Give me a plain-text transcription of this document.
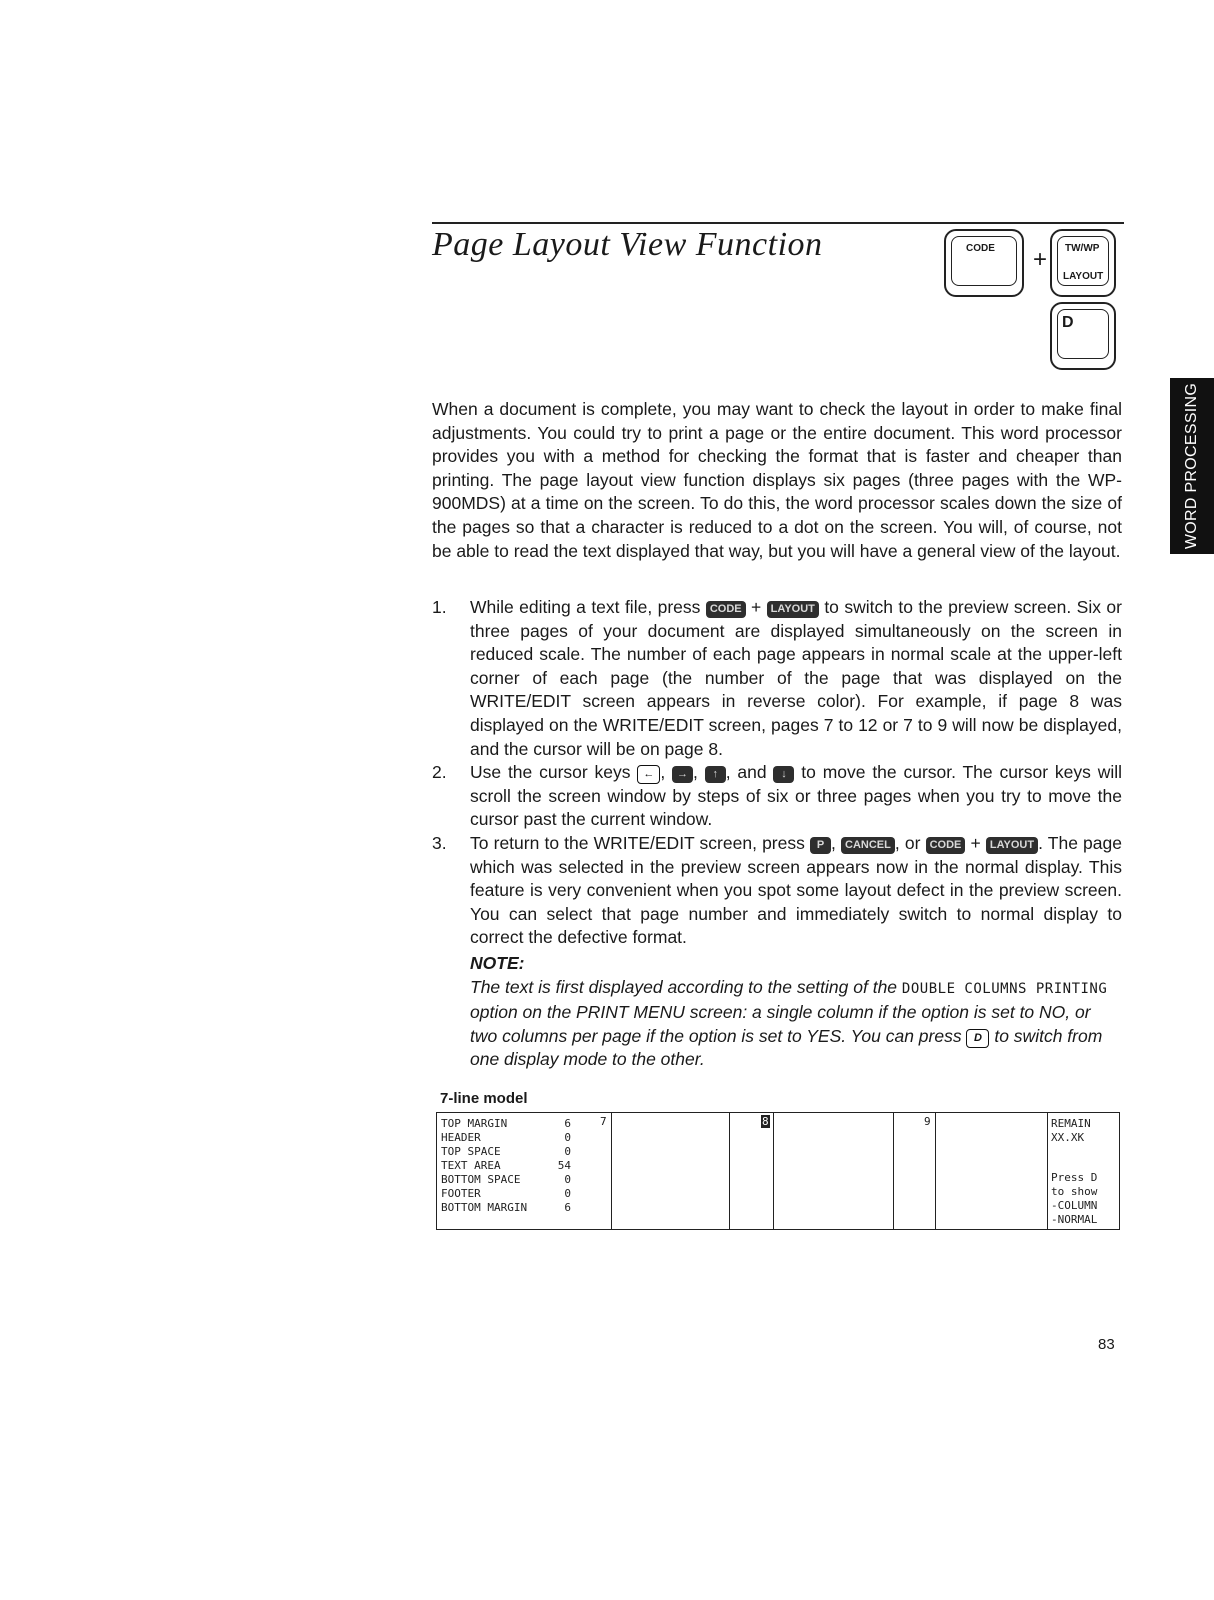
Page Layout View Function	CODE + TW/WP
LAYOUT
D
WORD PROCESSING
When a document is complete, you may want to check the layout in order to make final adjustments. You could try to print a page or the entire document. This word processor provides you with a method for checking the format that is faster and cheaper than printing. The page layout view function displays six pages (three pages with the WP-900MDS) at a time on the screen. To do this, the word processor scales down the size of the pages so that a character is reduced to a dot on the screen. You will, of course, not be able to read the text displayed that way, but you will have a general view of the layout.
1. While editing a text file, press CODE + LAYOUT to switch to the preview screen. Six or three pages of your document are displayed simultaneously on the screen in reduced scale. The number of each page appears in normal scale at the upper-left corner of each page (the number of the page that was displayed on the WRITE/EDIT screen appears in reverse color). For example, if page 8 was displayed on the WRITE/EDIT screen, pages 7 to 12 or 7 to 9 will now be displayed, and the cursor will be on page 8.
2. Use the cursor keys ← , → , ↑ , and ↓ to move the cursor. The cursor keys will scroll the screen window by steps of six or three pages when you try to move the cursor past the current window.
3. To return to the WRITE/EDIT screen, press P , CANCEL , or CODE + LAYOUT . The page which was selected in the preview screen appears now in the normal display. This feature is very convenient when you spot some layout defect in the preview screen. You can select that page number and immediately switch to normal display to correct the defective format.
NOTE:
The text is first displayed according to the setting of the DOUBLE COLUMNS PRINTING option on the PRINT MENU screen: a single column if the option is set to NO, or two columns per page if the option is set to YES. You can press D to switch from one display mode to the other.
7-line model
TOP MARGIN	6
HEADER	0
TOP SPACE	0
TEXT AREA	54
BOTTOM SPACE	0
FOOTER	0
BOTTOM MARGIN	6
7	8	9	REMAIN
XX.XK
Press D
to show
-COLUMN
-NORMAL
83
